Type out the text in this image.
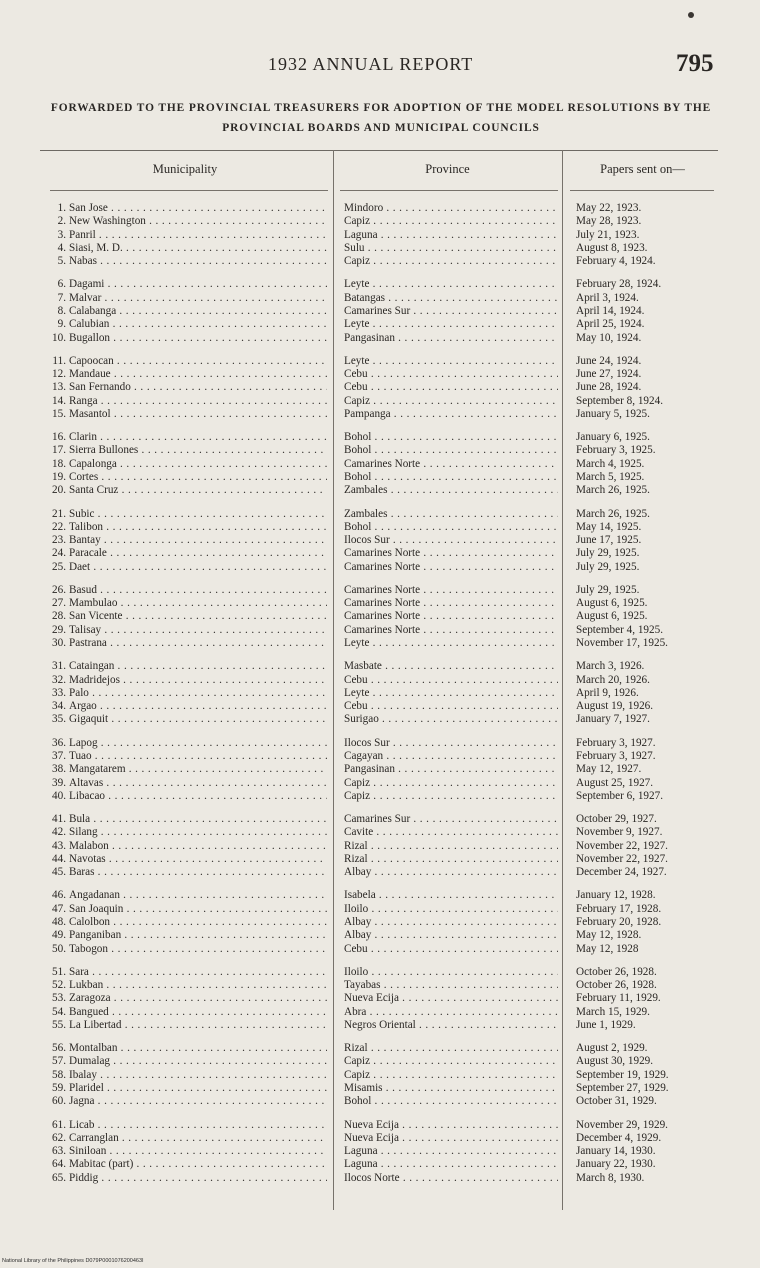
1932 ANNUAL REPORT	795
FORWARDED TO THE PROVINCIAL TREASURERS FOR ADOPTION OF THE MODEL RESOLUTIONS BY THE PROVINCIAL BOARDS AND MUNICIPAL COUNCILS
Municipality	Province	Papers sent on—
1. San Jose . . .	Mindoro . . .	May 22, 1923.
2. New Washington . . .	Capiz . . .	May 28, 1923.
3. Panril . . .	Laguna . . .	July 21, 1923.
4. Siasi, M. D. . . .	Sulu . . .	August 8, 1923.
5. Nabas . . .	Capiz . . .	February 4, 1924.
6. Dagami . . .	Leyte . . .	February 28, 1924.
7. Malvar . . .	Batangas . . .	April 3, 1924.
8. Calabanga . . .	Camarines Sur . . .	April 14, 1924.
9. Calubian . . .	Leyte . . .	April 25, 1924.
10. Bugallon . . .	Pangasinan . . .	May 10, 1924.
11. Capoocan . . .	Leyte . . .	June 24, 1924.
12. Mandaue . . .	Cebu . . .	June 27, 1924.
13. San Fernando . . .	Cebu . . .	June 28, 1924.
14. Ranga . . .	Capiz . . .	September 8, 1924.
15. Masantol . . .	Pampanga . . .	January 5, 1925.
16. Clarin . . .	Bohol . . .	January 6, 1925.
17. Sierra Bullones . . .	Bohol . . .	February 3, 1925.
18. Capalonga . . .	Camarines Norte . . .	March 4, 1925.
19. Cortes . . .	Bohol . . .	March 5, 1925.
20. Santa Cruz . . .	Zambales . . .	March 26, 1925.
21. Subic . . .	Zambales . . .	March 26, 1925.
22. Talibon . . .	Bohol . . .	May 14, 1925.
23. Bantay . . .	Ilocos Sur . . .	June 17, 1925.
24. Paracale . . .	Camarines Norte . . .	July 29, 1925.
25. Daet . . .	Camarines Norte . . .	July 29, 1925.
26. Basud . . .	Camarines Norte . . .	July 29, 1925.
27. Mambulao . . .	Camarines Norte . . .	August 6, 1925.
28. San Vicente . . .	Camarines Norte . . .	August 6, 1925.
29. Talisay . . .	Camarines Norte . . .	September 4, 1925.
30. Pastrana . . .	Leyte . . .	November 17, 1925.
31. Cataingan . . .	Masbate . . .	March 3, 1926.
32. Madridejos . . .	Cebu . . .	March 20, 1926.
33. Palo . . .	Leyte . . .	April 9, 1926.
34. Argao . . .	Cebu . . .	August 19, 1926.
35. Gigaquit . . .	Surigao . . .	January 7, 1927.
36. Lapog . . .	Ilocos Sur . . .	February 3, 1927.
37. Tuao . . .	Cagayan . . .	February 3, 1927.
38. Mangatarem . . .	Pangasinan . . .	May 12, 1927.
39. Altavas . . .	Capiz . . .	August 25, 1927.
40. Libacao . . .	Capiz . . .	September 6, 1927.
41. Bula . . .	Camarines Sur . . .	October 29, 1927.
42. Silang . . .	Cavite . . .	November 9, 1927.
43. Malabon . . .	Rizal . . .	November 22, 1927.
44. Navotas . . .	Rizal . . .	November 22, 1927.
45. Baras . . .	Albay . . .	December 24, 1927.
46. Angadanan . . .	Isabela . . .	January 12, 1928.
47. San Joaquin . . .	Iloilo . . .	February 17, 1928.
48. Calolbon . . .	Albay . . .	February 20, 1928.
49. Panganiban . . .	Albay . . .	May 12, 1928.
50. Tabogon . . .	Cebu . . .	May 12, 1928
51. Sara . . .	Iloilo . . .	October 26, 1928.
52. Lukban . . .	Tayabas . . .	October 26, 1928.
53. Zaragoza . . .	Nueva Ecija . . .	February 11, 1929.
54. Bangued . . .	Abra . . .	March 15, 1929.
55. La Libertad . . .	Negros Oriental . . .	June 1, 1929.
56. Montalban . . .	Rizal . . .	August 2, 1929.
57. Dumalag . . .	Capiz . . .	August 30, 1929.
58. Ibalay . . .	Capiz . . .	September 19, 1929.
59. Plaridel . . .	Misamis . . .	September 27, 1929.
60. Jagna . . .	Bohol . . .	October 31, 1929.
61. Licab . . .	Nueva Ecija . . .	November 29, 1929.
62. Carranglan . . .	Nueva Ecija . . .	December 4, 1929.
63. Siniloan . . .	Laguna . . .	January 14, 1930.
64. Mabitac (part) . . .	Laguna . . .	January 22, 1930.
65. Piddig . . .	Ilocos Norte . . .	March 8, 1930.
National Library of the Philippines D079P0001076200463I
